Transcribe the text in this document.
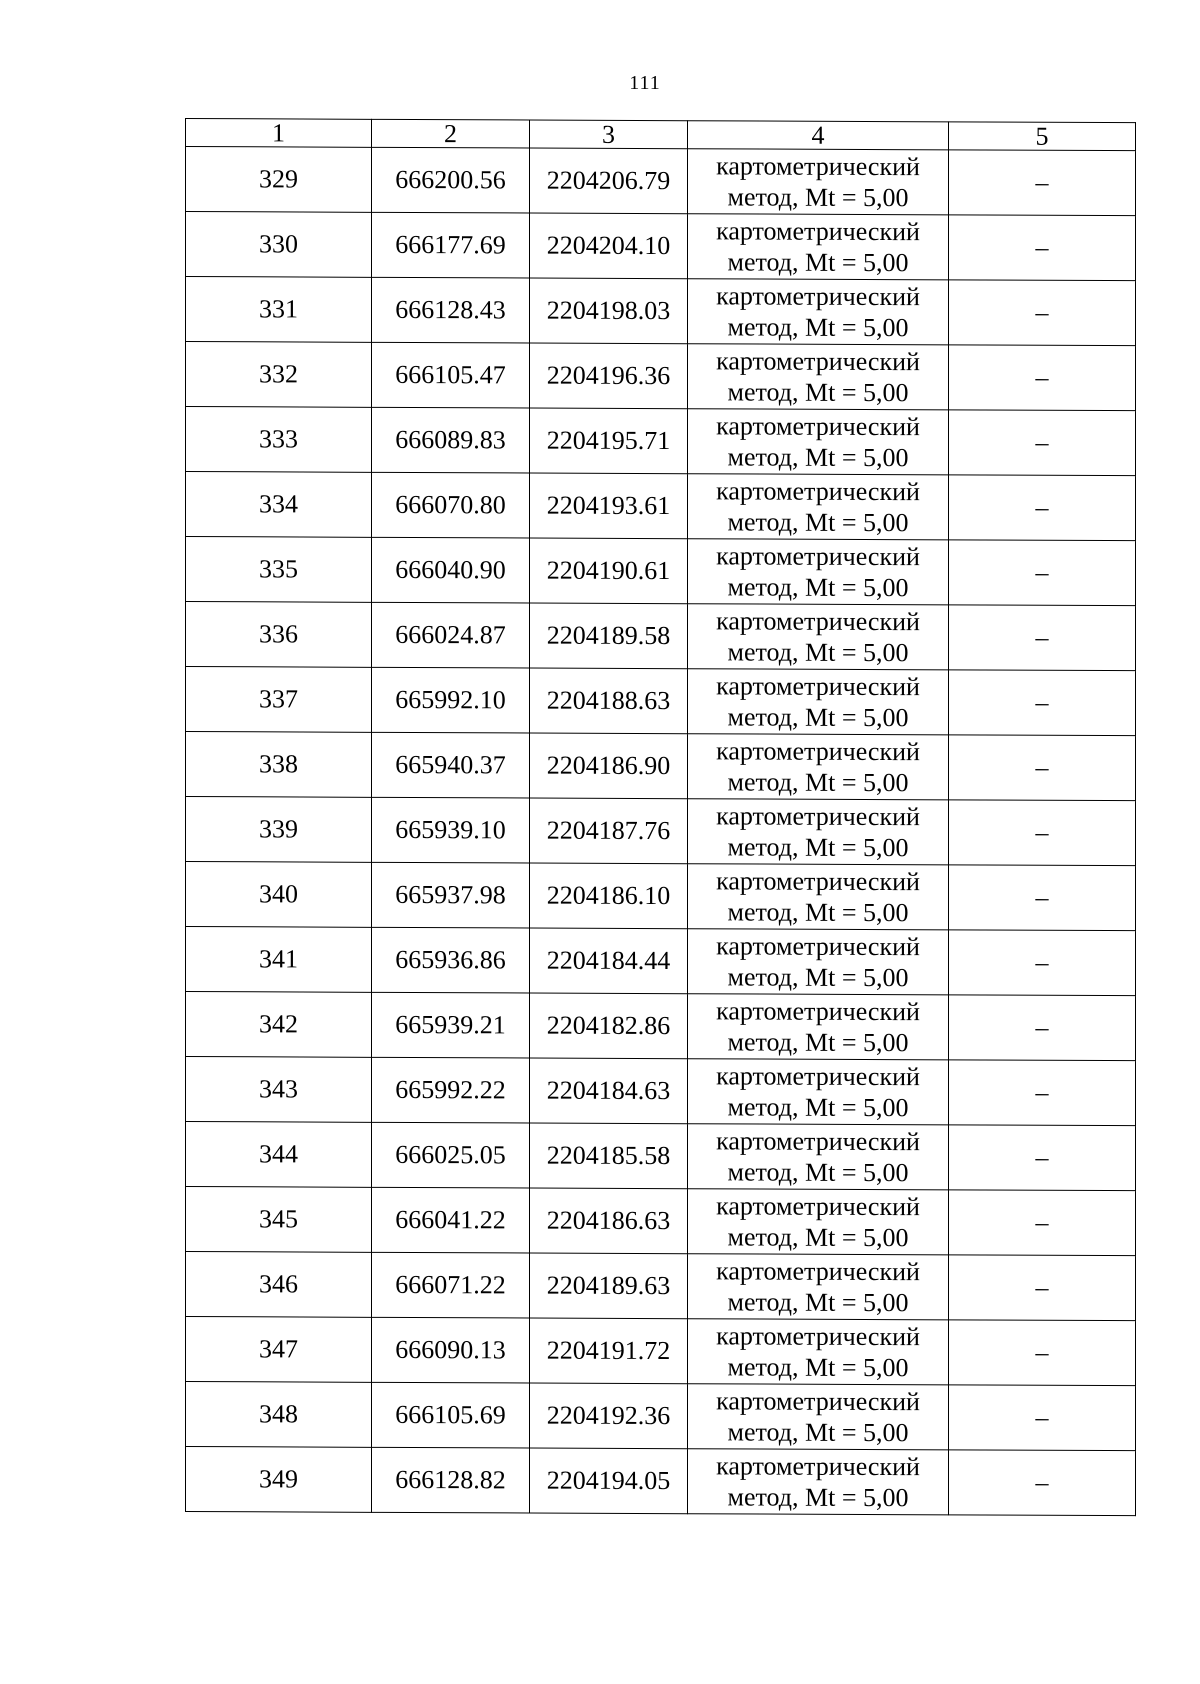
111
1	2	3	4	5
329	666200.56	2204206.79	картометрический
метод, Mt = 5,00	–
330	666177.69	2204204.10	картометрический
метод, Mt = 5,00	–
331	666128.43	2204198.03	картометрический
метод, Mt = 5,00	–
332	666105.47	2204196.36	картометрический
метод, Mt = 5,00	–
333	666089.83	2204195.71	картометрический
метод, Mt = 5,00	–
334	666070.80	2204193.61	картометрический
метод, Mt = 5,00	–
335	666040.90	2204190.61	картометрический
метод, Mt = 5,00	–
336	666024.87	2204189.58	картометрический
метод, Mt = 5,00	–
337	665992.10	2204188.63	картометрический
метод, Mt = 5,00	–
338	665940.37	2204186.90	картометрический
метод, Mt = 5,00	–
339	665939.10	2204187.76	картометрический
метод, Mt = 5,00	–
340	665937.98	2204186.10	картометрический
метод, Mt = 5,00	–
341	665936.86	2204184.44	картометрический
метод, Mt = 5,00	–
342	665939.21	2204182.86	картометрический
метод, Mt = 5,00	–
343	665992.22	2204184.63	картометрический
метод, Mt = 5,00	–
344	666025.05	2204185.58	картометрический
метод, Mt = 5,00	–
345	666041.22	2204186.63	картометрический
метод, Mt = 5,00	–
346	666071.22	2204189.63	картометрический
метод, Mt = 5,00	–
347	666090.13	2204191.72	картометрический
метод, Mt = 5,00	–
348	666105.69	2204192.36	картометрический
метод, Mt = 5,00	–
349	666128.82	2204194.05	картометрический
метод, Mt = 5,00	–
